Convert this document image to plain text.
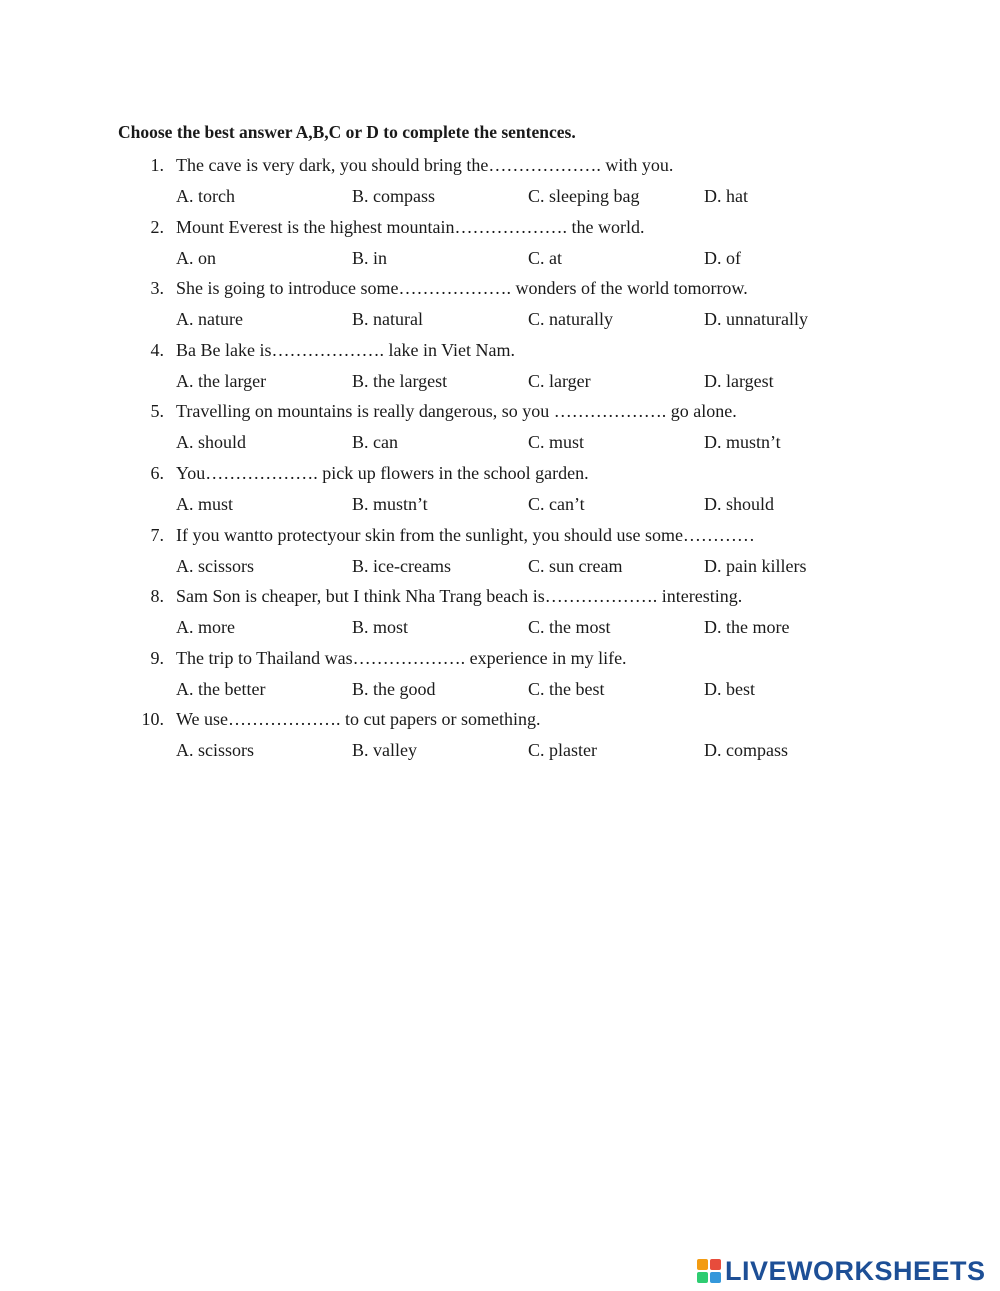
Choose the best answer A,B,C or D to complete the sentences.
1. The cave is very dark, you should bring the………………. with you.
A. torch	B. compass	C. sleeping bag	D. hat
2. Mount Everest is the highest mountain………………. the world.
A. on	B. in	C. at	D. of
3. She is going to introduce some………………. wonders of the world tomorrow.
A. nature	B. natural	C. naturally	D. unnaturally
4. Ba Be lake is………………. lake in Viet Nam.
A. the larger	B. the largest	C. larger	D. largest
5. Travelling on mountains is really dangerous, so you ………………. go alone.
A. should	B. can	C. must	D. mustn’t
6. You………………. pick up flowers in the school garden.
A. must	B. mustn’t	C. can’t	D. should
7. If you wantto protectyour skin from the sunlight, you should use some…………
A. scissors	B. ice-creams	C. sun cream	D. pain killers
8. Sam Son is cheaper, but I think Nha Trang beach is………………. interesting.
A. more	B. most	C. the most	D. the more
9. The trip to Thailand was………………. experience in my life.
A. the better	B. the good	C. the best	D. best
10. We use………………. to cut papers or something.
A. scissors	B. valley	C. plaster	D. compass
LIVEWORKSHEETS
